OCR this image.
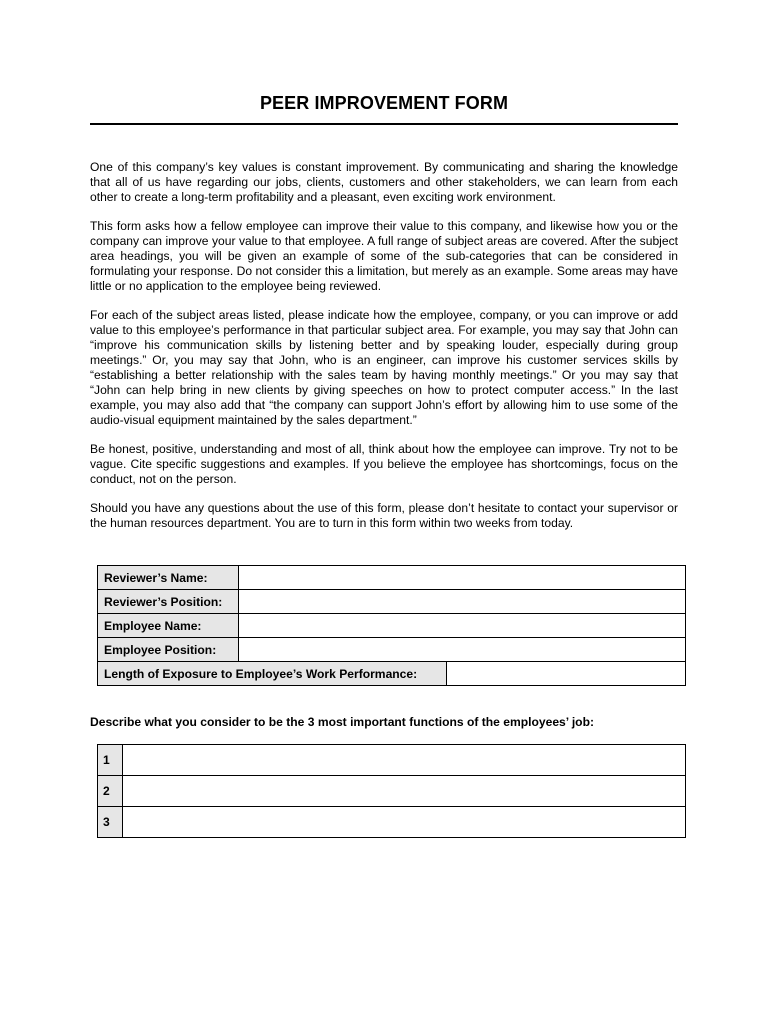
PEER IMPROVEMENT FORM

One of this company’s key values is constant improvement. By communicating and sharing the knowledge that all of us have regarding our jobs, clients, customers and other stakeholders, we can learn from each other to create a long-term profitability and a pleasant, even exciting work environment.

This form asks how a fellow employee can improve their value to this company, and likewise how you or the company can improve your value to that employee. A full range of subject areas are covered. After the subject area headings, you will be given an example of some of the sub-categories that can be considered in formulating your response. Do not consider this a limitation, but merely as an example. Some areas may have little or no application to the employee being reviewed.

For each of the subject areas listed, please indicate how the employee, company, or you can improve or add value to this employee’s performance in that particular subject area. For example, you may say that John can “improve his communication skills by listening better and by speaking louder, especially during group meetings.” Or, you may say that John, who is an engineer, can improve his customer services skills by “establishing a better relationship with the sales team by having monthly meetings.” Or you may say that “John can help bring in new clients by giving speeches on how to protect computer access.” In the last example, you may also add that “the company can support John’s effort by allowing him to use some of the audio-visual equipment maintained by the sales department.”

Be honest, positive, understanding and most of all, think about how the employee can improve. Try not to be vague. Cite specific suggestions and examples. If you believe the employee has shortcomings, focus on the conduct, not on the person.

Should you have any questions about the use of this form, please don’t hesitate to contact your supervisor or the human resources department. You are to turn in this form within two weeks from today.

Reviewer’s Name:		
Reviewer’s Position:		
Employee Name:		
Employee Position:		
Length of Exposure to Employee’s Work Performance:		
Describe what you consider to be the 3 most important functions of the employees’ job:
1	
2	
3	
